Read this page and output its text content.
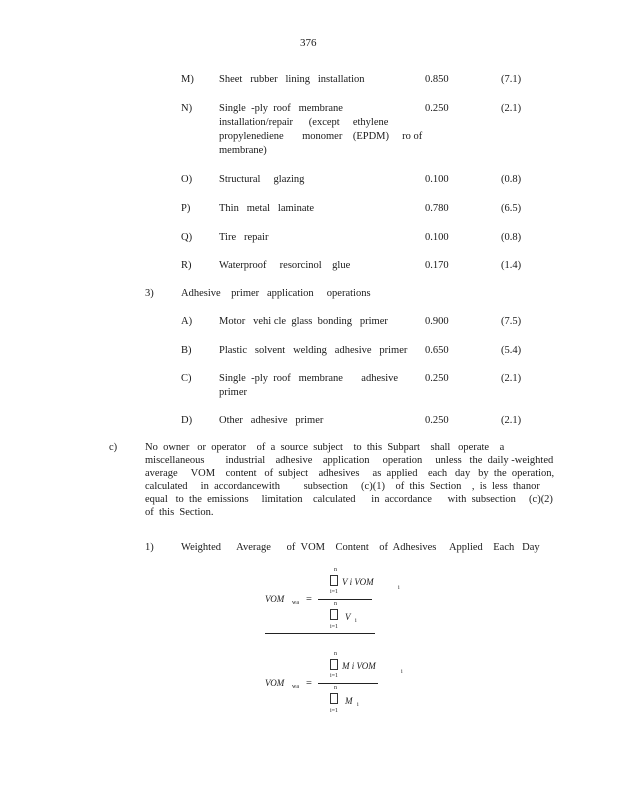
376
M) Sheet   rubber   lining   installation	0.850	(7.1)
N)	Single  -ply  roof   membrane
installation/repair      (except     ethylene
propylenediene       monomer    (EPDM)     ro of
membrane)
0.250	(2.1)
O)	Structural     glazing	0.100	(0.8)
P)	Thin   metal   laminate	0.780	(6.5)
Q)	Tire   repair	0.100	(0.8)
R)	Waterproof     resorcinol    glue	0.170	(1.4)
3)	Adhesive    primer   application     operations
A)	Motor   vehi cle  glass  bonding   primer	0.900	(7.5)
B)	Plastic   solvent   welding   adhesive   primer 0.650	(5.4)
C)	Single  -ply  roof   membrane       adhesive
primer
0.250	(2.1)
D)	Other   adhesive   primer	0.250	(2.1)
c)	No  owner   or  operator    of  a  source  subject    to  this  Subpart    shall   operate    a
miscellaneous        industrial    adhesive    application     operation     unless   the  daily -weighted
average     VOM    content   of  subject    adhesives     as  applied    each   day   by  the  operation,
calculated     in  accordancewith         subsection     (c)(1)    of  this  Section    ,  is  less  thanor
equal   to  the  emissions     limitation    calculated      in  accordance      with  subsection     (c)(2)
of  this  Section.
1)	Weighted      Average      of  VOM    Content    of  Adhesives     Applied    Each   Day
VOM wa =
n
i=1
V i VOM
i
n
i=1
V i
VOM wa =
n
i=1
M i VOM
i
n
i=1
M i
